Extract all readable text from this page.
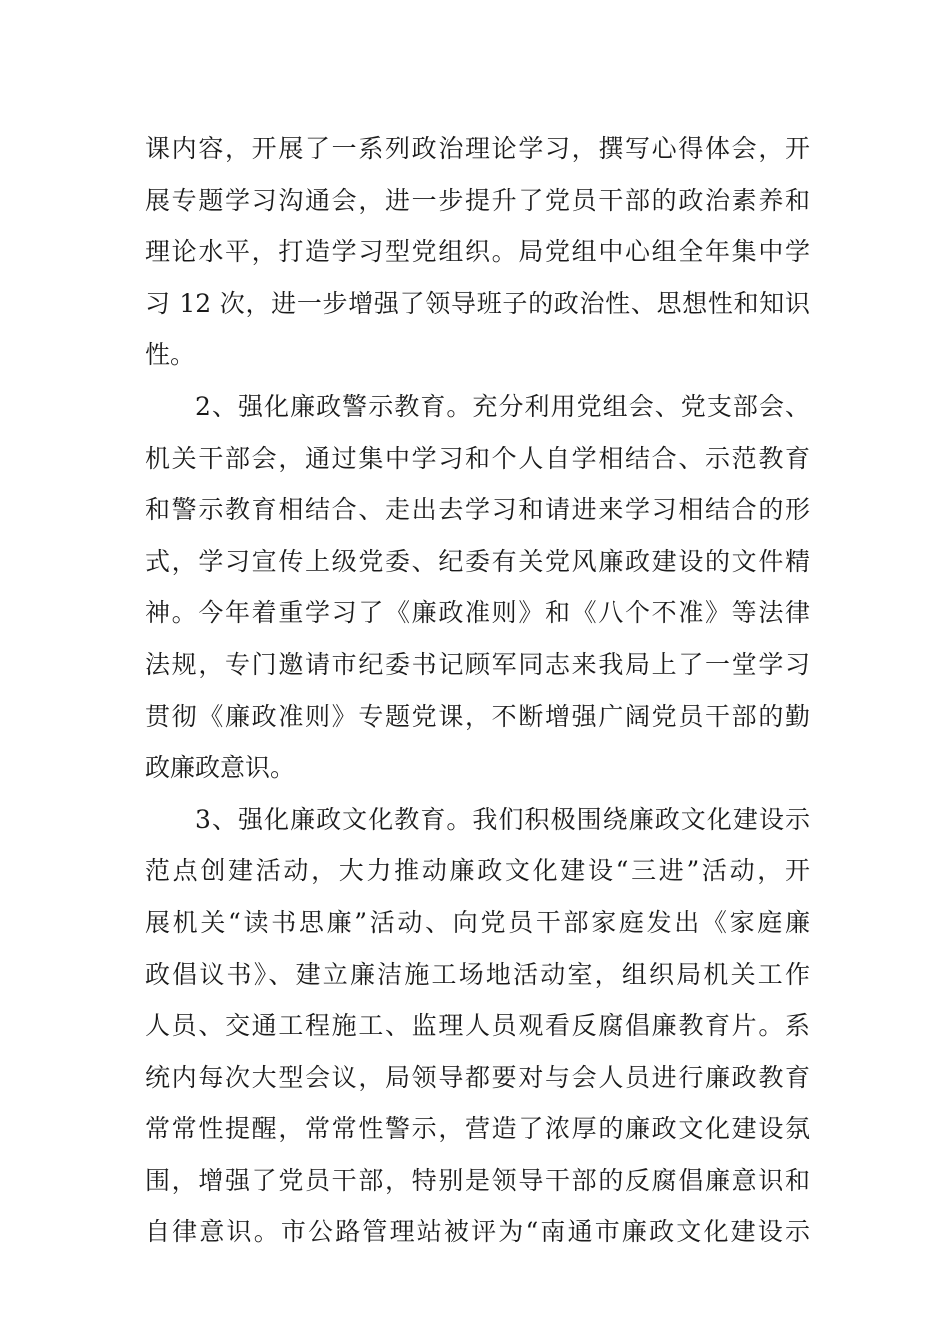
课内容，开展了一系列政治理论学习，撰写心得体会，开
展专题学习沟通会，进一步提升了党员干部的政治素养和
理论水平，打造学习型党组织。局党组中心组全年集中学
习 12 次，进一步增强了领导班子的政治性、思想性和知识
性。
2、强化廉政警示教育。充分利用党组会、党支部会、
机关干部会，通过集中学习和个人自学相结合、示范教育
和警示教育相结合、走出去学习和请进来学习相结合的形
式，学习宣传上级党委、纪委有关党风廉政建设的文件精
神。今年着重学习了《廉政准则》和《八个不准》等法律
法规，专门邀请市纪委书记顾军同志来我局上了一堂学习
贯彻《廉政准则》专题党课，不断增强广阔党员干部的勤
政廉政意识。
3、强化廉政文化教育。我们积极围绕廉政文化建设示
范点创建活动，大力推动廉政文化建设“三进”活动，开
展机关“读书思廉”活动、向党员干部家庭发出《家庭廉
政倡议书》、建立廉洁施工场地活动室，组织局机关工作
人员、交通工程施工、监理人员观看反腐倡廉教育片。系
统内每次大型会议，局领导都要对与会人员进行廉政教育
常常性提醒，常常性警示，营造了浓厚的廉政文化建设氛
围，增强了党员干部，特别是领导干部的反腐倡廉意识和
自律意识。市公路管理站被评为“南通市廉政文化建设示
